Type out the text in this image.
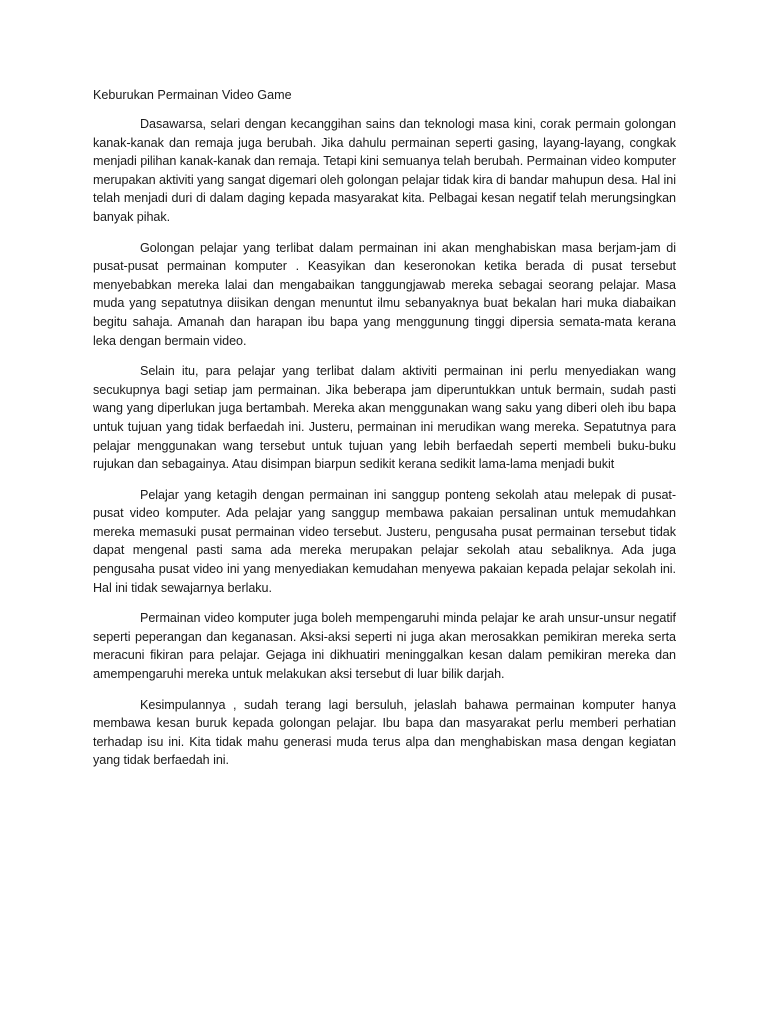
Keburukan Permainan Video Game

Dasawarsa, selari dengan kecanggihan sains dan teknologi masa kini, corak permain golongan kanak-kanak dan remaja juga berubah. Jika dahulu permainan seperti gasing, layang-layang, congkak menjadi pilihan kanak-kanak dan remaja. Tetapi kini semuanya telah berubah. Permainan video komputer merupakan aktiviti yang sangat digemari oleh golongan pelajar tidak kira di bandar mahupun desa. Hal ini telah menjadi duri di dalam daging kepada masyarakat kita. Pelbagai kesan negatif telah merungsingkan banyak pihak.

Golongan pelajar yang terlibat dalam permainan ini akan menghabiskan masa berjam-jam di pusat-pusat permainan komputer . Keasyikan dan keseronokan ketika berada di pusat tersebut menyebabkan mereka lalai dan mengabaikan tanggungjawab mereka sebagai seorang pelajar. Masa muda yang sepatutnya diisikan dengan menuntut ilmu sebanyaknya buat bekalan hari muka diabaikan begitu sahaja. Amanah dan harapan ibu bapa yang menggunung tinggi dipersia semata-mata kerana leka dengan bermain video.

Selain itu, para pelajar yang terlibat dalam aktiviti permainan ini perlu menyediakan wang secukupnya bagi setiap jam permainan. Jika beberapa jam diperuntukkan untuk bermain, sudah pasti wang yang diperlukan juga bertambah. Mereka akan menggunakan wang saku yang diberi oleh ibu bapa untuk tujuan yang tidak berfaedah ini. Justeru, permainan ini merudikan wang mereka. Sepatutnya para pelajar menggunakan wang tersebut untuk tujuan yang lebih berfaedah seperti membeli buku-buku rujukan dan sebagainya. Atau disimpan biarpun sedikit kerana sedikit lama-lama menjadi bukit

Pelajar yang ketagih dengan permainan ini sanggup ponteng sekolah atau melepak di pusat-pusat video komputer. Ada pelajar yang sanggup membawa pakaian persalinan untuk memudahkan mereka memasuki pusat permainan video tersebut. Justeru, pengusaha pusat permainan tersebut tidak dapat mengenal pasti sama ada mereka merupakan pelajar sekolah atau sebaliknya. Ada juga pengusaha pusat video ini yang menyediakan kemudahan menyewa pakaian kepada pelajar sekolah ini. Hal ini tidak sewajarnya berlaku.

Permainan video komputer juga boleh mempengaruhi minda pelajar ke arah unsur-unsur negatif seperti peperangan dan keganasan. Aksi-aksi seperti ni juga akan merosakkan pemikiran mereka serta meracuni fikiran para pelajar. Gejaga ini dikhuatiri meninggalkan kesan dalam pemikiran mereka dan amempengaruhi mereka untuk melakukan aksi tersebut di luar bilik darjah.

Kesimpulannya , sudah terang lagi bersuluh, jelaslah bahawa permainan komputer hanya membawa kesan buruk kepada golongan pelajar. Ibu bapa dan masyarakat perlu memberi perhatian terhadap isu ini. Kita tidak mahu generasi muda terus alpa dan menghabiskan masa dengan kegiatan yang tidak berfaedah ini.
